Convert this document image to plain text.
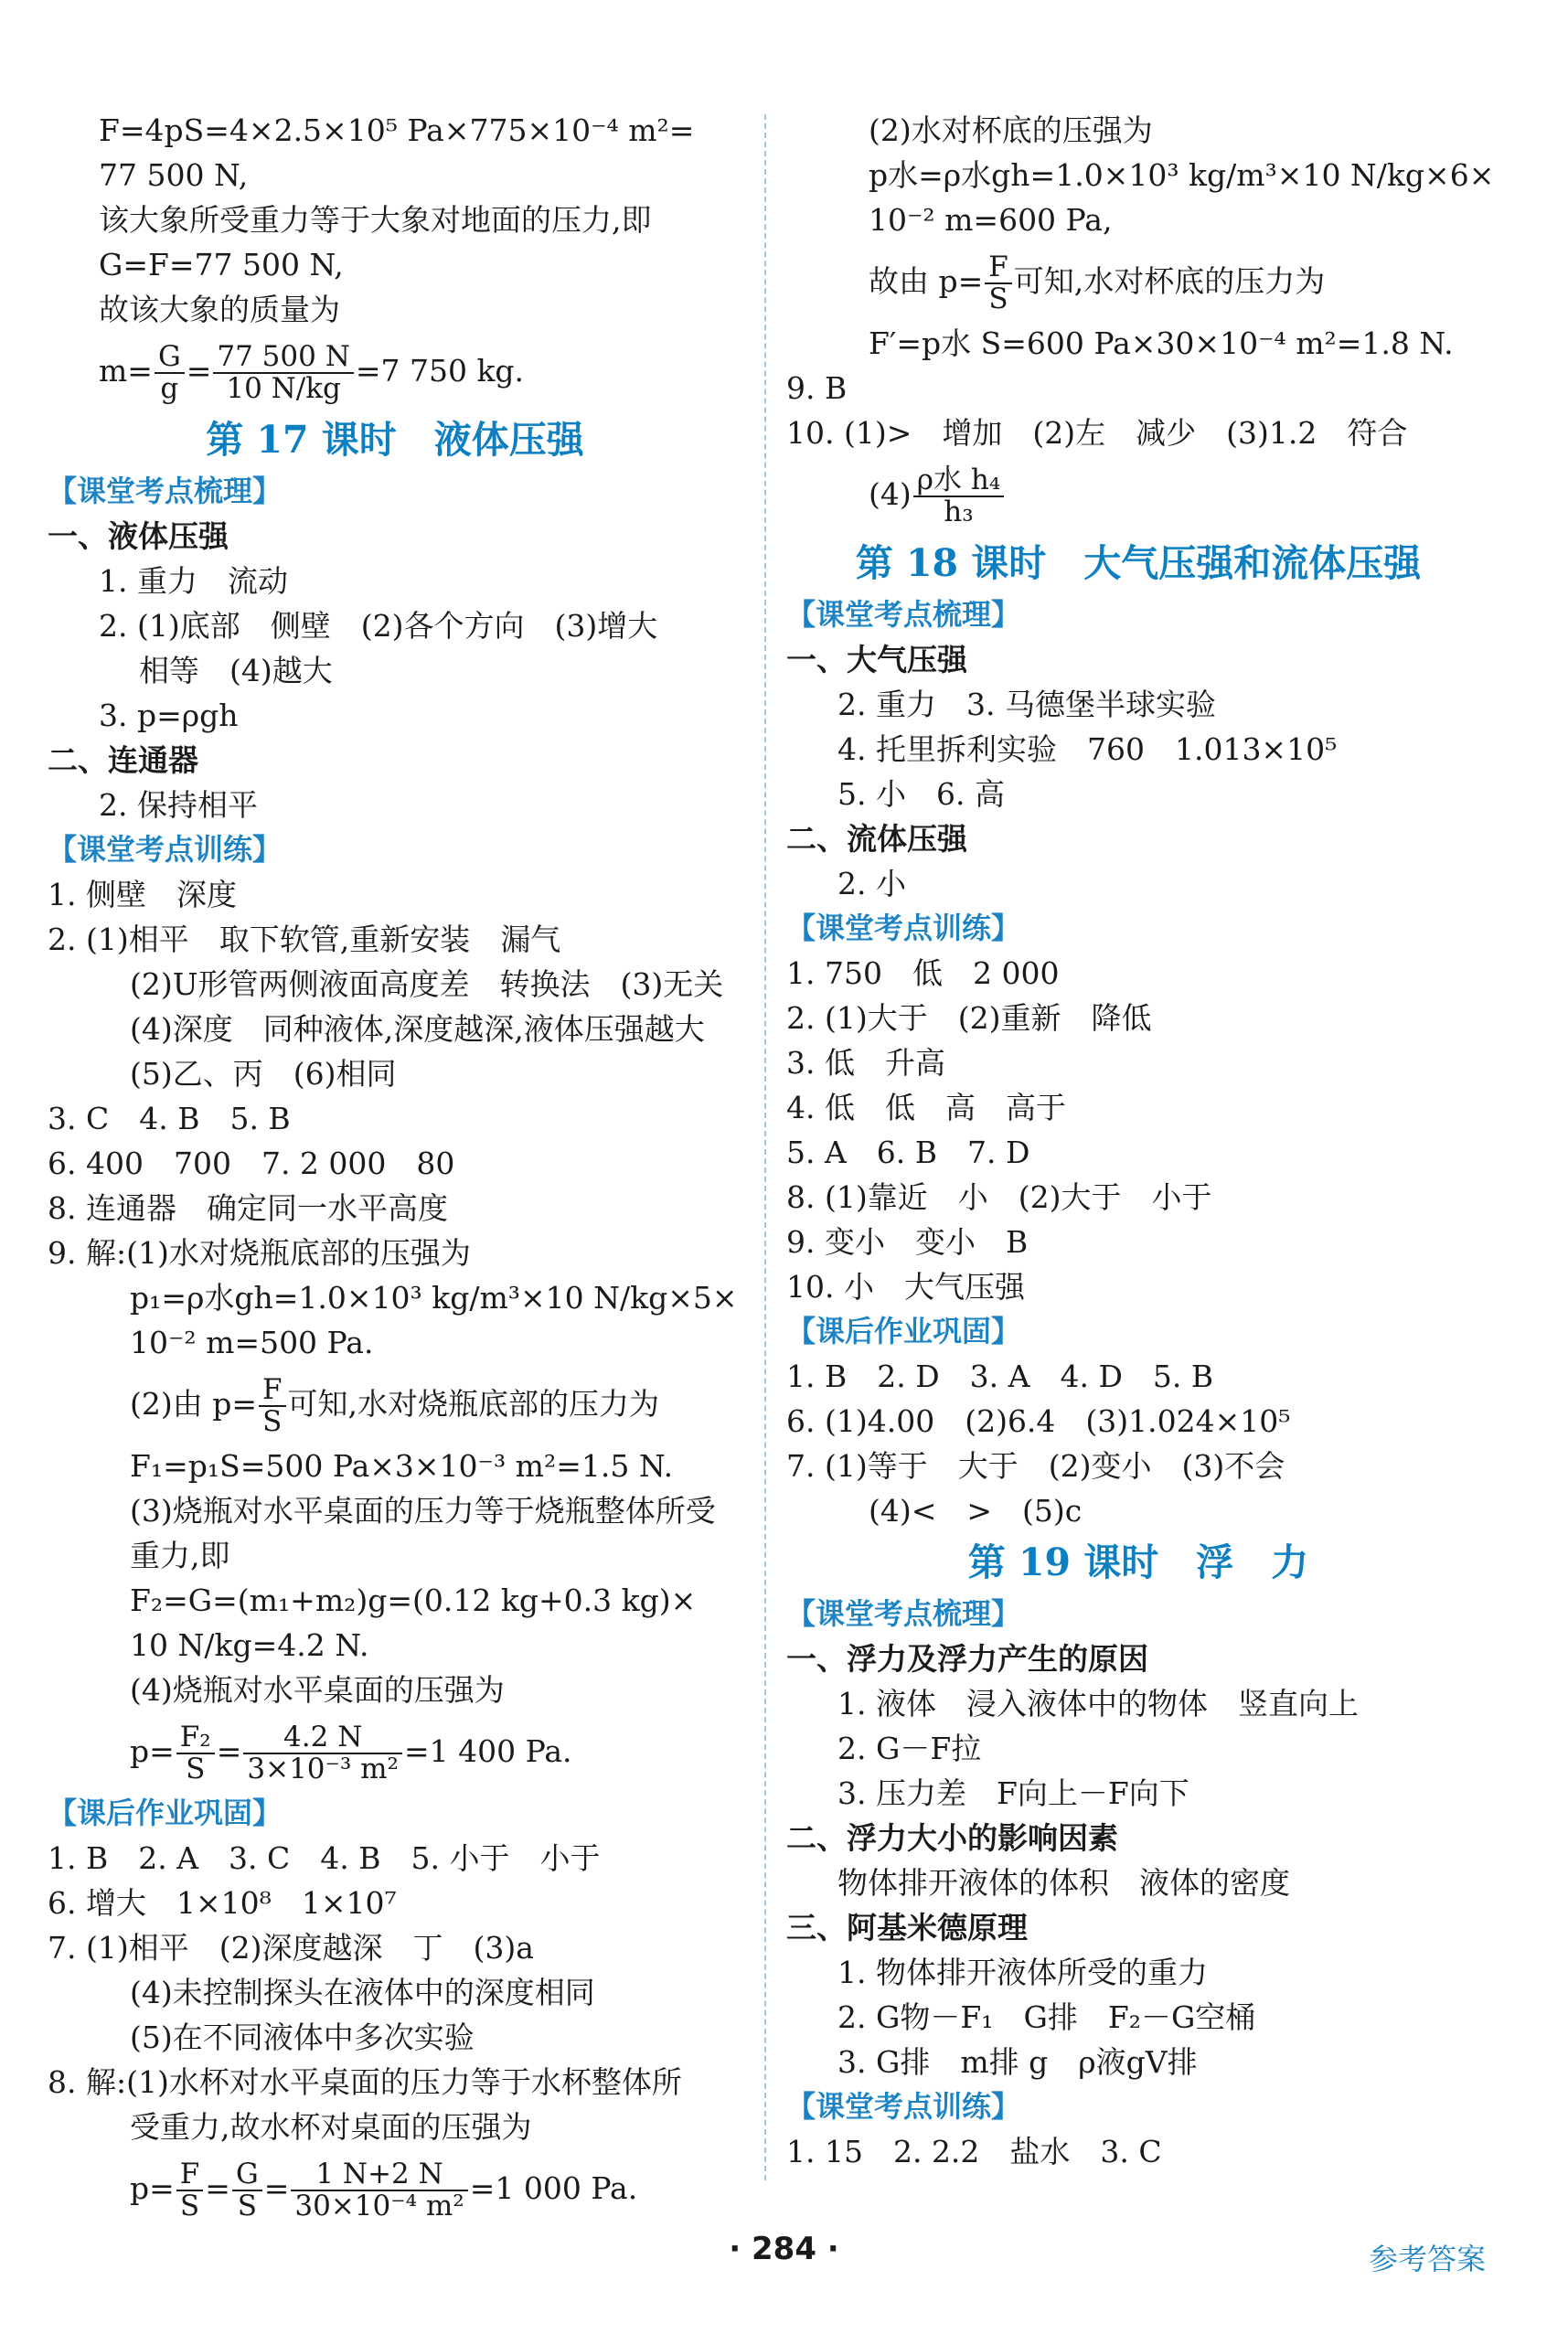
F=4pS=4×2.5×10⁵ Pa×775×10⁻⁴ m²=
77 500 N,
该大象所受重力等于大象对地面的压力,即
G=F=77 500 N,
故该大象的质量为
$m= \frac{G}{g} = \frac{77 500 N}{10 N/kg} =7$ 750 kg.
第 17 课时　液体压强
【课堂考点梳理】
一、液体压强
1. 重力　流动
2. (1)底部　侧壁　(2)各个方向　(3)增大
相等　(4)越大
3. p=ρgh
二、连通器
2. 保持相平
【课堂考点训练】
1. 侧壁　深度
2. (1)相平　取下软管,重新安装　漏气
(2)U形管两侧液面高度差　转换法　(3)无关
(4)深度　同种液体,深度越深,液体压强越大
(5)乙、丙　(6)相同
3. C　4. B　5. B
6. 400　700　7. 2 000　80
8. 连通器　确定同一水平高度
9. 解:(1)水对烧瓶底部的压强为
p₁=ρ水gh=1.0×10³ kg/m³×10 N/kg×5×
10⁻² m=500 Pa.
(2)由 $p= \frac{F}{S}$ 可知,水对烧瓶底部的压力为
F₁=p₁S=500 Pa×3×10⁻³ m²=1.5 N.
(3)烧瓶对水平桌面的压力等于烧瓶整体所受
重力,即
F₂=G=(m₁+m₂)g=(0.12 kg+0.3 kg)×
10 N/kg=4.2 N.
(4)烧瓶对水平桌面的压强为
$p= \frac{\text{F₂}}{S} = \frac{4.2 N}{\text{3×10⁻³ m²}} =1$ 400 Pa.
【课后作业巩固】
1. B　2. A　3. C　4. B　5. 小于　小于
6. 增大　1×10⁸　1×10⁷
7. (1)相平　(2)深度越深　丁　(3)a
(4)未控制探头在液体中的深度相同
(5)在不同液体中多次实验
8. 解:(1)水杯对水平桌面的压力等于水杯整体所
受重力,故水杯对桌面的压强为
$p= \frac{F}{S} = \frac{G}{S} = \frac{1 N+2 N}{\text{30×10⁻⁴ m²}} =1$ 000 Pa.
(2)水对杯底的压强为
p水=ρ水gh=1.0×10³ kg/m³×10 N/kg×6×
10⁻² m=600 Pa,
故由 $p= \frac{F}{S}$ 可知,水对杯底的压力为
F′=p水 S=600 Pa×30×10⁻⁴ m²=1.8 N.
9. B
10. (1)>　增加　(2)左　减少　(3)1.2　符合
$(4) \frac{\text{ρ水 h₄}}{\text{h₃}}$
第 18 课时　大气压强和流体压强
【课堂考点梳理】
一、大气压强
2. 重力　3. 马德堡半球实验
4. 托里拆利实验　760　1.013×10⁵
5. 小　6. 高
二、流体压强
2. 小
【课堂考点训练】
1. 750　低　2 000
2. (1)大于　(2)重新　降低
3. 低　升高
4. 低　低　高　高于
5. A　6. B　7. D
8. (1)靠近　小　(2)大于　小于
9. 变小　变小　B
10. 小　大气压强
【课后作业巩固】
1. B　2. D　3. A　4. D　5. B
6. (1)4.00　(2)6.4　(3)1.024×10⁵
7. (1)等于　大于　(2)变小　(3)不会
(4)<　>　(5)c
第 19 课时　浮　力
【课堂考点梳理】
一、浮力及浮力产生的原因
1. 液体　浸入液体中的物体　竖直向上
2. G－F拉
3. 压力差　F向上－F向下
二、浮力大小的影响因素
物体排开液体的体积　液体的密度
三、阿基米德原理
1. 物体排开液体所受的重力
2. G物－F₁　G排　F₂－G空桶
3. G排　m排 g　ρ液gV排
【课堂考点训练】
1. 15　2. 2.2　盐水　3. C
· 284 ·	参考答案
